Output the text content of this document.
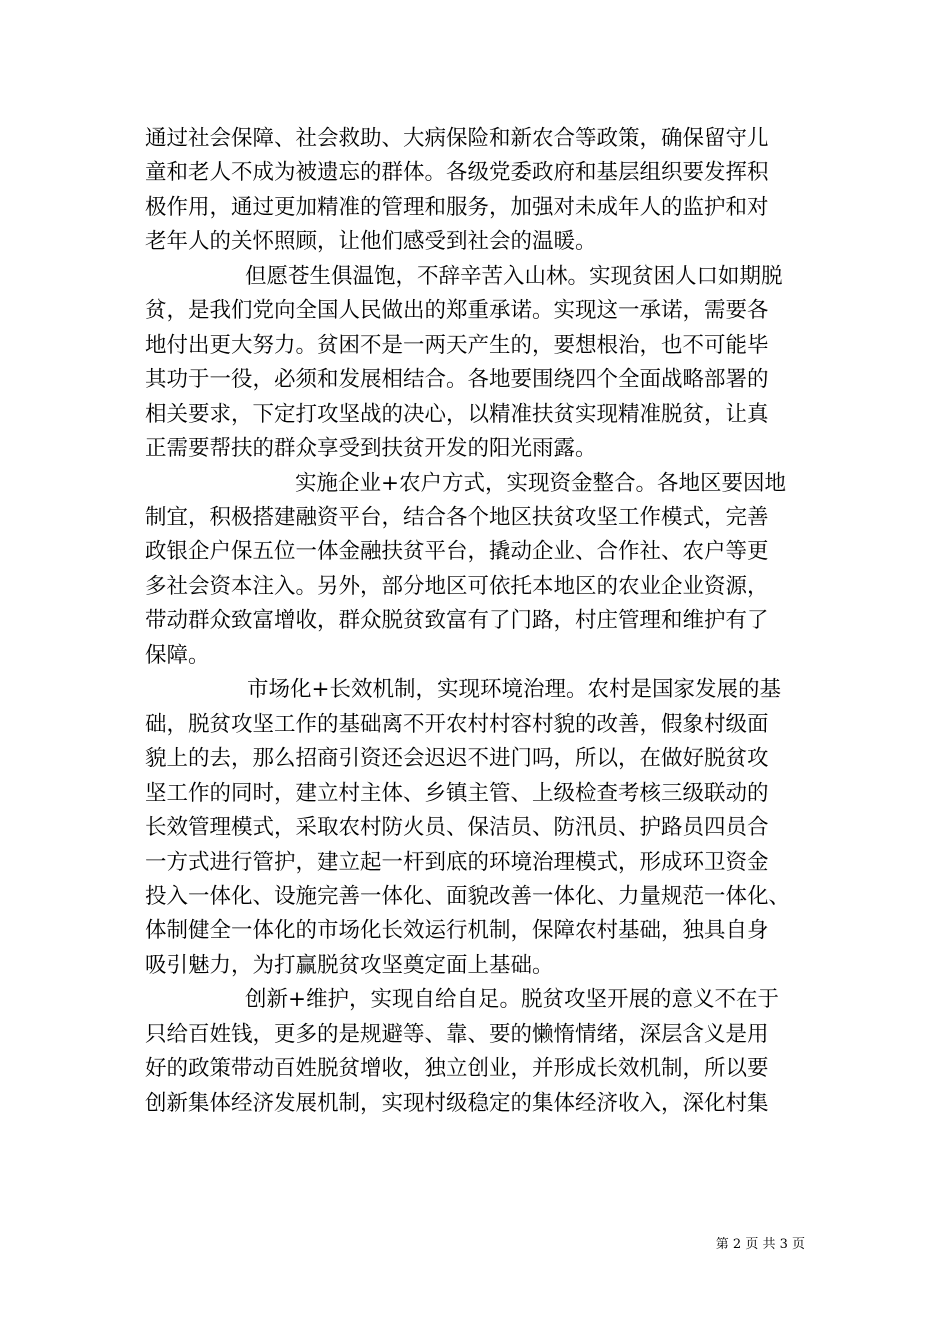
通过社会保障、社会救助、大病保险和新农合等政策，确保留守儿
童和老人不成为被遗忘的群体。各级党委政府和基层组织要发挥积
极作用，通过更加精准的管理和服务，加强对未成年人的监护和对
老年人的关怀照顾，让他们感受到社会的温暖。
但愿苍生俱温饱，不辞辛苦入山林。实现贫困人口如期脱
贫，是我们党向全国人民做出的郑重承诺。实现这一承诺，需要各
地付出更大努力。贫困不是一两天产生的，要想根治，也不可能毕
其功于一役，必须和发展相结合。各地要围绕四个全面战略部署的
相关要求，下定打攻坚战的决心，以精准扶贫实现精准脱贫，让真
正需要帮扶的群众享受到扶贫开发的阳光雨露。
实施企业+农户方式，实现资金整合。各地区要因地
制宜，积极搭建融资平台，结合各个地区扶贫攻坚工作模式，完善
政银企户保五位一体金融扶贫平台，撬动企业、合作社、农户等更
多社会资本注入。另外，部分地区可依托本地区的农业企业资源，
带动群众致富增收，群众脱贫致富有了门路，村庄管理和维护有了
保障。
市场化+长效机制，实现环境治理。农村是国家发展的基
础，脱贫攻坚工作的基础离不开农村村容村貌的改善，假象村级面
貌上的去，那么招商引资还会迟迟不进门吗，所以，在做好脱贫攻
坚工作的同时，建立村主体、乡镇主管、上级检查考核三级联动的
长效管理模式，采取农村防火员、保洁员、防汛员、护路员四员合
一方式进行管护，建立起一杆到底的环境治理模式，形成环卫资金
投入一体化、设施完善一体化、面貌改善一体化、力量规范一体化、
体制健全一体化的市场化长效运行机制，保障农村基础，独具自身
吸引魅力，为打赢脱贫攻坚奠定面上基础。
创新+维护，实现自给自足。脱贫攻坚开展的意义不在于
只给百姓钱，更多的是规避等、靠、要的懒惰情绪，深层含义是用
好的政策带动百姓脱贫增收，独立创业，并形成长效机制，所以要
创新集体经济发展机制，实现村级稳定的集体经济收入，深化村集
第 2 页 共 3 页
